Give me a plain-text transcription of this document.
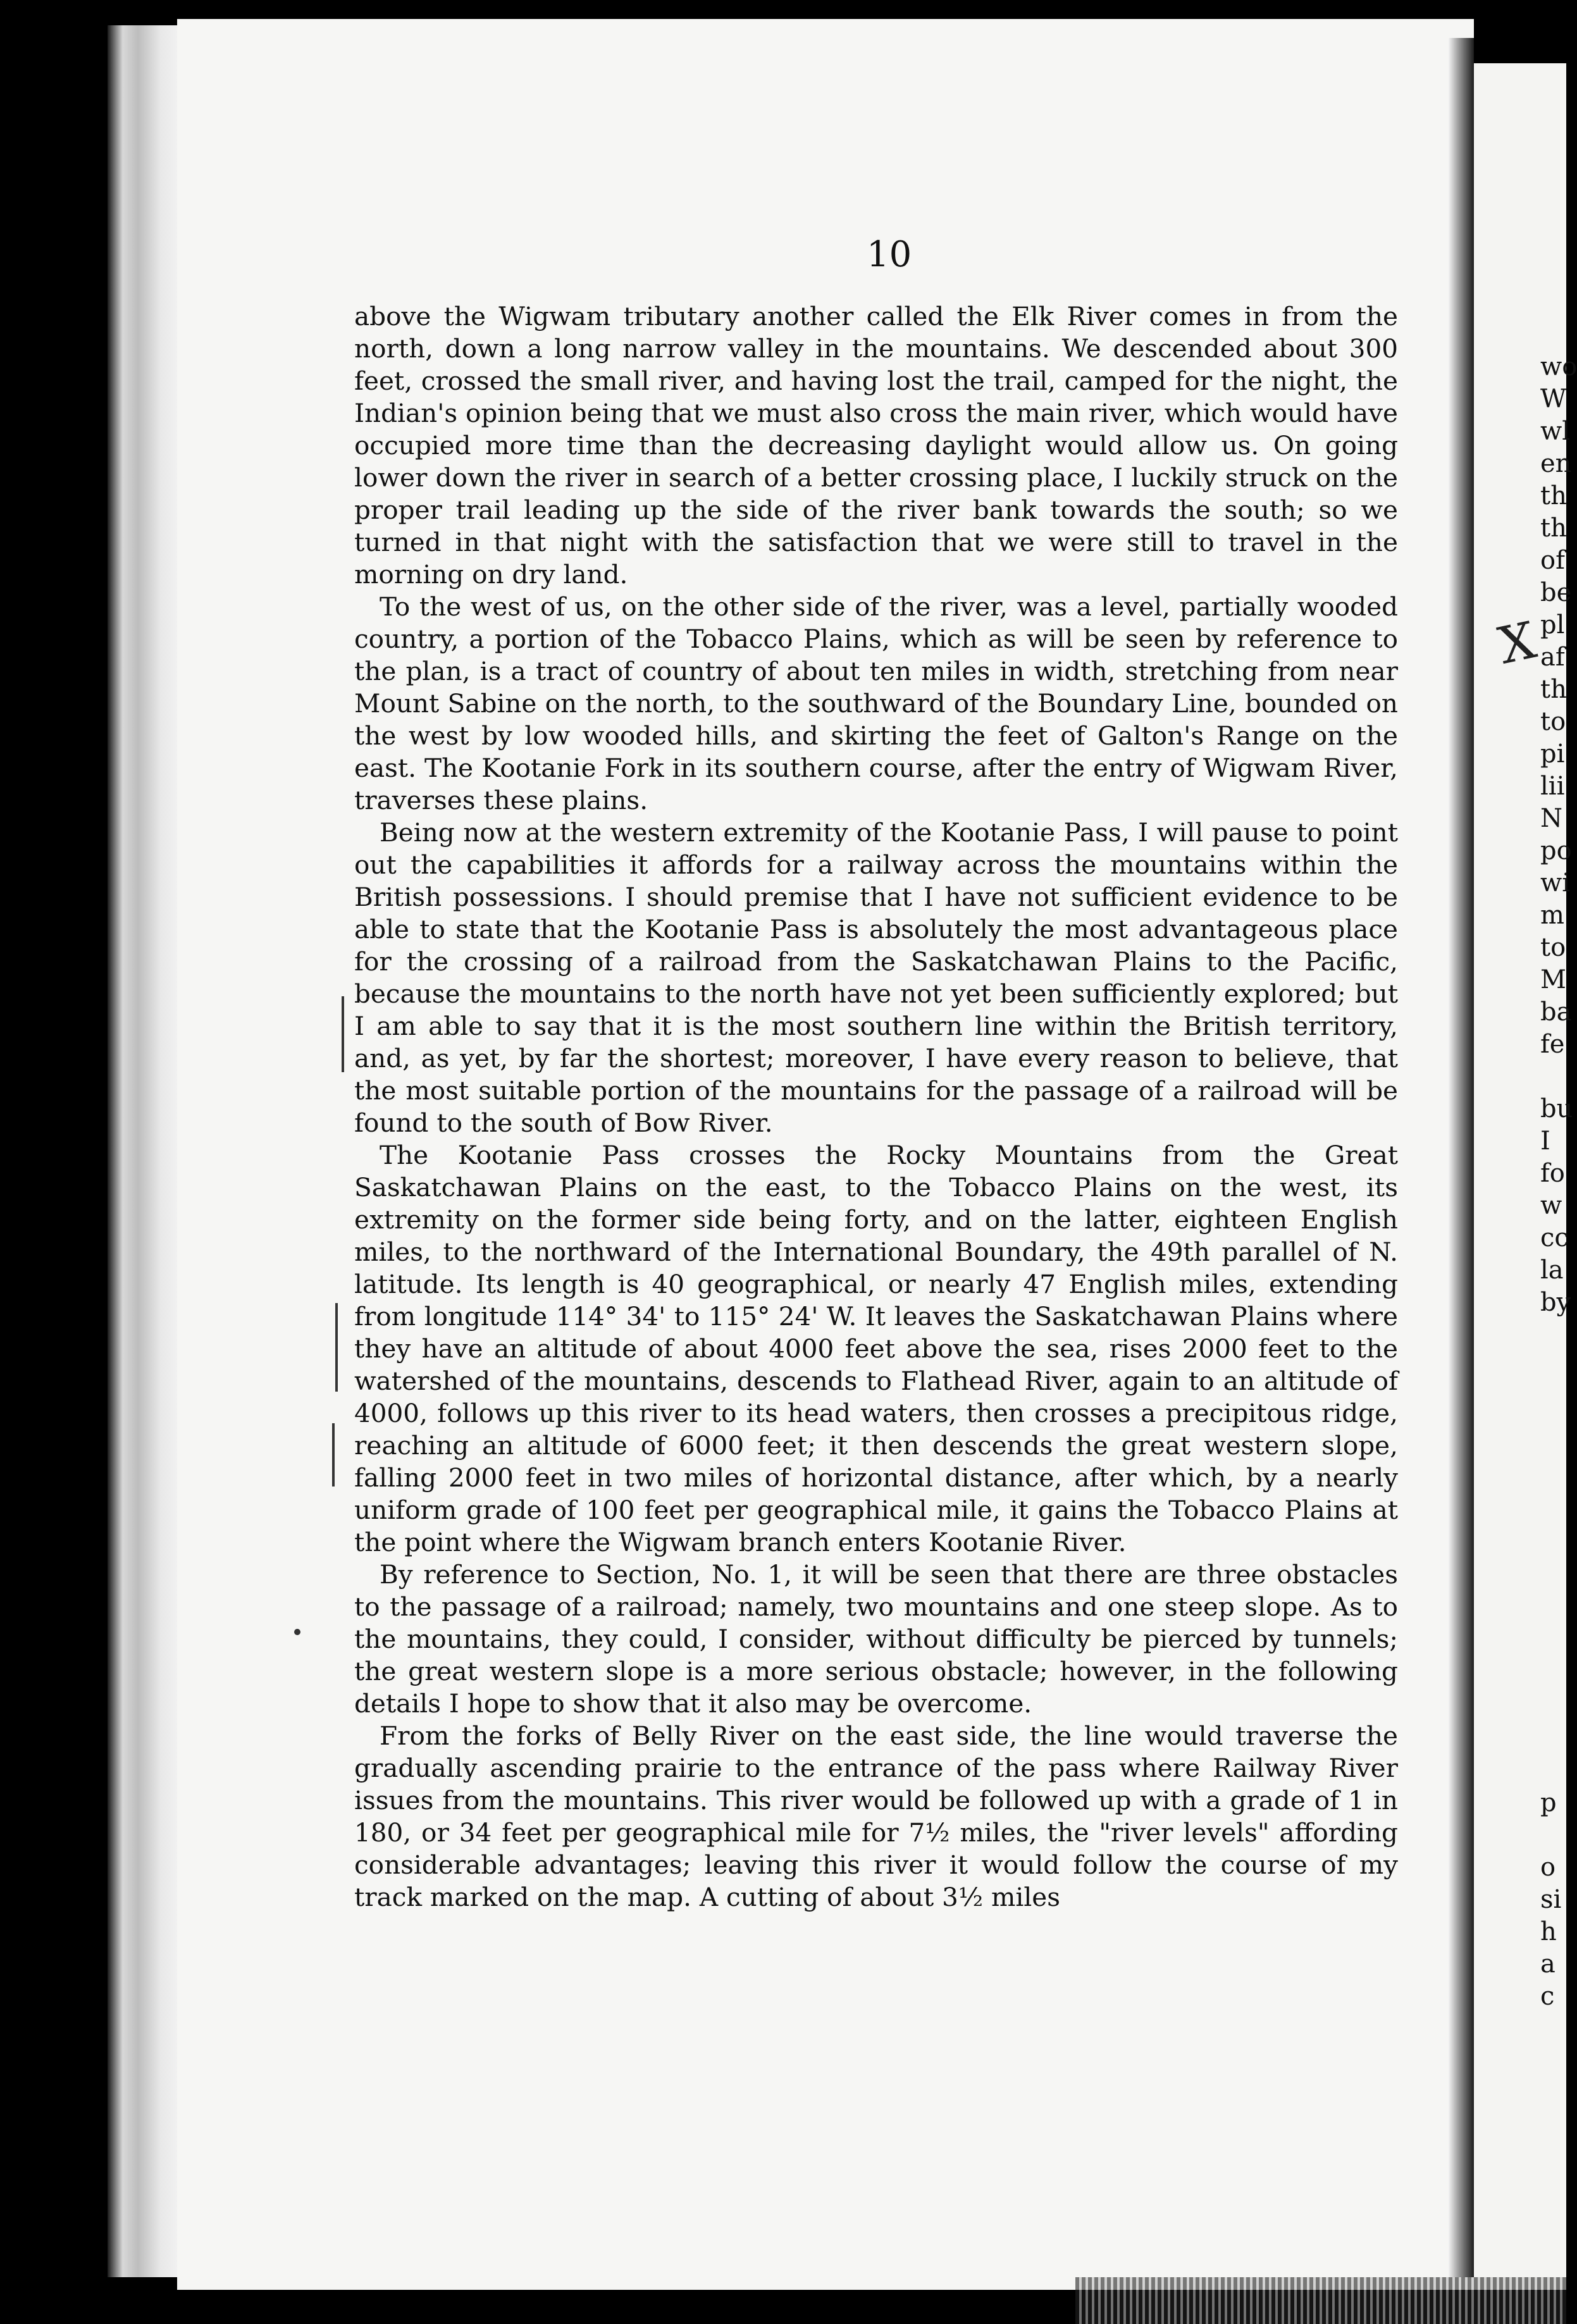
10

above the Wigwam tributary another called the Elk River comes in from the north, down a long narrow valley in the mountains. We descended about 300 feet, crossed the small river, and having lost the trail, camped for the night, the Indian's opinion being that we must also cross the main river, which would have occupied more time than the decreasing daylight would allow us. On going lower down the river in search of a better crossing place, I luckily struck on the proper trail leading up the side of the river bank towards the south; so we turned in that night with the satisfaction that we were still to travel in the morning on dry land.

To the west of us, on the other side of the river, was a level, partially wooded country, a portion of the Tobacco Plains, which as will be seen by reference to the plan, is a tract of country of about ten miles in width, stretching from near Mount Sabine on the north, to the southward of the Boundary Line, bounded on the west by low wooded hills, and skirting the feet of Galton's Range on the east. The Kootanie Fork in its southern course, after the entry of Wigwam River, traverses these plains.

Being now at the western extremity of the Kootanie Pass, I will pause to point out the capabilities it affords for a railway across the mountains within the British possessions. I should premise that I have not sufficient evidence to be able to state that the Kootanie Pass is absolutely the most advantageous place for the crossing of a railroad from the Saskatchawan Plains to the Pacific, because the mountains to the north have not yet been sufficiently explored; but I am able to say that it is the most southern line within the British territory, and, as yet, by far the shortest; moreover, I have every reason to believe, that the most suitable portion of the mountains for the passage of a railroad will be found to the south of Bow River.

The Kootanie Pass crosses the Rocky Mountains from the Great Saskatchawan Plains on the east, to the Tobacco Plains on the west, its extremity on the former side being forty, and on the latter, eighteen English miles, to the northward of the International Boundary, the 49th parallel of N. latitude. Its length is 40 geographical, or nearly 47 English miles, extending from longitude 114° 34' to 115° 24' W. It leaves the Saskatchawan Plains where they have an altitude of about 4000 feet above the sea, rises 2000 feet to the watershed of the mountains, descends to Flathead River, again to an altitude of 4000, follows up this river to its head waters, then crosses a precipitous ridge, reaching an altitude of 6000 feet; it then descends the great western slope, falling 2000 feet in two miles of horizontal distance, after which, by a nearly uniform grade of 100 feet per geographical mile, it gains the Tobacco Plains at the point where the Wigwam branch enters Kootanie River.

By reference to Section, No. 1, it will be seen that there are three obstacles to the passage of a railroad; namely, two mountains and one steep slope. As to the mountains, they could, I consider, without difficulty be pierced by tunnels; the great western slope is a more serious obstacle; however, in the following details I hope to show that it also may be overcome.

From the forks of Belly River on the east side, the line would traverse the gradually ascending prairie to the entrance of the pass where Railway River issues from the mountains. This river would be followed up with a grade of 1 in 180, or 34 feet per geographical mile for 7½ miles, the "river levels" affording considerable advantages; leaving this river it would follow the course of my track marked on the map. A cutting of about 3½ miles

wo
W
wl
en
th
th
of
be
pl
af
th
to
pi
lii
N
po
wi
m
to
M
ba
fe
bu
I
fo
w
cc
la
by
p
o
si
h
a
c
X
